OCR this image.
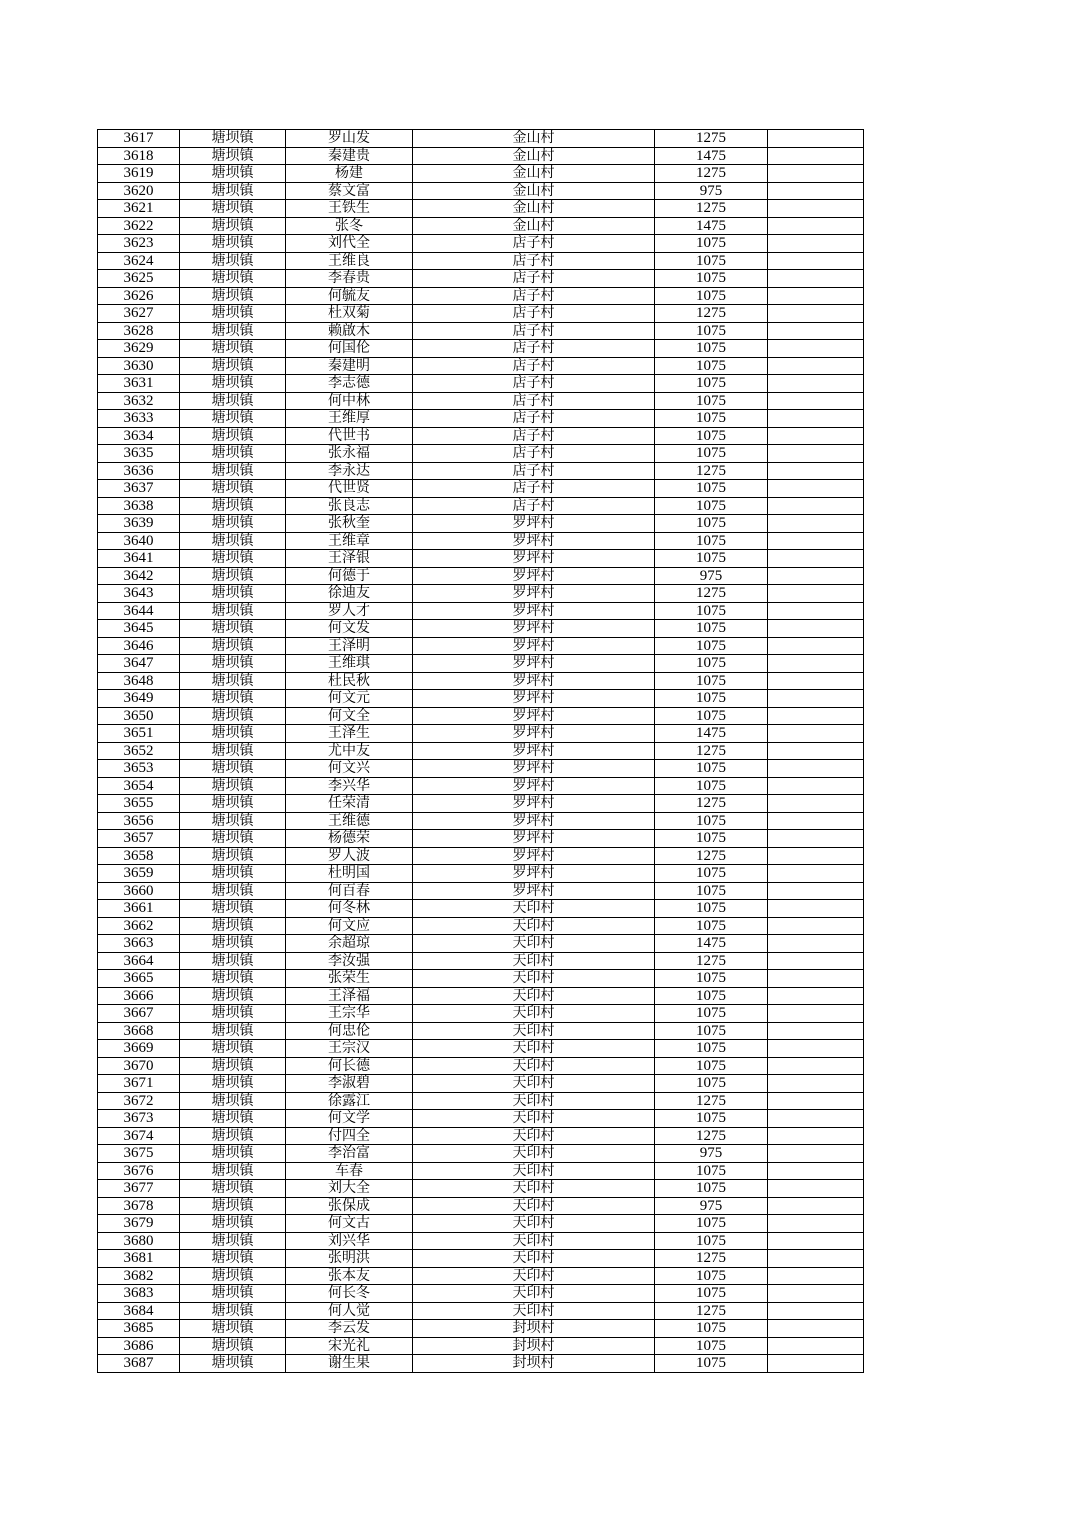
3617	塘坝镇	罗山发	金山村	1275	
3618	塘坝镇	秦建贵	金山村	1475	
3619	塘坝镇	杨建	金山村	1275	
3620	塘坝镇	蔡文富	金山村	975	
3621	塘坝镇	王铁生	金山村	1275	
3622	塘坝镇	张冬	金山村	1475	
3623	塘坝镇	刘代全	店子村	1075	
3624	塘坝镇	王维良	店子村	1075	
3625	塘坝镇	李春贵	店子村	1075	
3626	塘坝镇	何毓友	店子村	1075	
3627	塘坝镇	杜双菊	店子村	1275	
3628	塘坝镇	赖啟木	店子村	1075	
3629	塘坝镇	何国伦	店子村	1075	
3630	塘坝镇	秦建明	店子村	1075	
3631	塘坝镇	李志德	店子村	1075	
3632	塘坝镇	何中林	店子村	1075	
3633	塘坝镇	王维厚	店子村	1075	
3634	塘坝镇	代世书	店子村	1075	
3635	塘坝镇	张永福	店子村	1075	
3636	塘坝镇	李永达	店子村	1275	
3637	塘坝镇	代世贤	店子村	1075	
3638	塘坝镇	张良志	店子村	1075	
3639	塘坝镇	张秋奎	罗坪村	1075	
3640	塘坝镇	王维章	罗坪村	1075	
3641	塘坝镇	王泽银	罗坪村	1075	
3642	塘坝镇	何德于	罗坪村	975	
3643	塘坝镇	徐迪友	罗坪村	1275	
3644	塘坝镇	罗人才	罗坪村	1075	
3645	塘坝镇	何文发	罗坪村	1075	
3646	塘坝镇	王泽明	罗坪村	1075	
3647	塘坝镇	王维琪	罗坪村	1075	
3648	塘坝镇	杜民秋	罗坪村	1075	
3649	塘坝镇	何文元	罗坪村	1075	
3650	塘坝镇	何文全	罗坪村	1075	
3651	塘坝镇	王泽生	罗坪村	1475	
3652	塘坝镇	尤中友	罗坪村	1275	
3653	塘坝镇	何文兴	罗坪村	1075	
3654	塘坝镇	李兴华	罗坪村	1075	
3655	塘坝镇	任荣清	罗坪村	1275	
3656	塘坝镇	王维德	罗坪村	1075	
3657	塘坝镇	杨德荣	罗坪村	1075	
3658	塘坝镇	罗人波	罗坪村	1275	
3659	塘坝镇	杜明国	罗坪村	1075	
3660	塘坝镇	何百春	罗坪村	1075	
3661	塘坝镇	何冬林	天印村	1075	
3662	塘坝镇	何文应	天印村	1075	
3663	塘坝镇	余超琼	天印村	1475	
3664	塘坝镇	李汝强	天印村	1275	
3665	塘坝镇	张荣生	天印村	1075	
3666	塘坝镇	王泽福	天印村	1075	
3667	塘坝镇	王宗华	天印村	1075	
3668	塘坝镇	何忠伦	天印村	1075	
3669	塘坝镇	王宗汉	天印村	1075	
3670	塘坝镇	何长德	天印村	1075	
3671	塘坝镇	李淑碧	天印村	1075	
3672	塘坝镇	徐露江	天印村	1275	
3673	塘坝镇	何文学	天印村	1075	
3674	塘坝镇	付四全	天印村	1275	
3675	塘坝镇	李治富	天印村	975	
3676	塘坝镇	车春	天印村	1075	
3677	塘坝镇	刘大全	天印村	1075	
3678	塘坝镇	张保成	天印村	975	
3679	塘坝镇	何文古	天印村	1075	
3680	塘坝镇	刘兴华	天印村	1075	
3681	塘坝镇	张明洪	天印村	1275	
3682	塘坝镇	张本友	天印村	1075	
3683	塘坝镇	何长冬	天印村	1075	
3684	塘坝镇	何人觉	天印村	1275	
3685	塘坝镇	李云发	封坝村	1075	
3686	塘坝镇	宋光礼	封坝村	1075	
3687	塘坝镇	谢生果	封坝村	1075	
